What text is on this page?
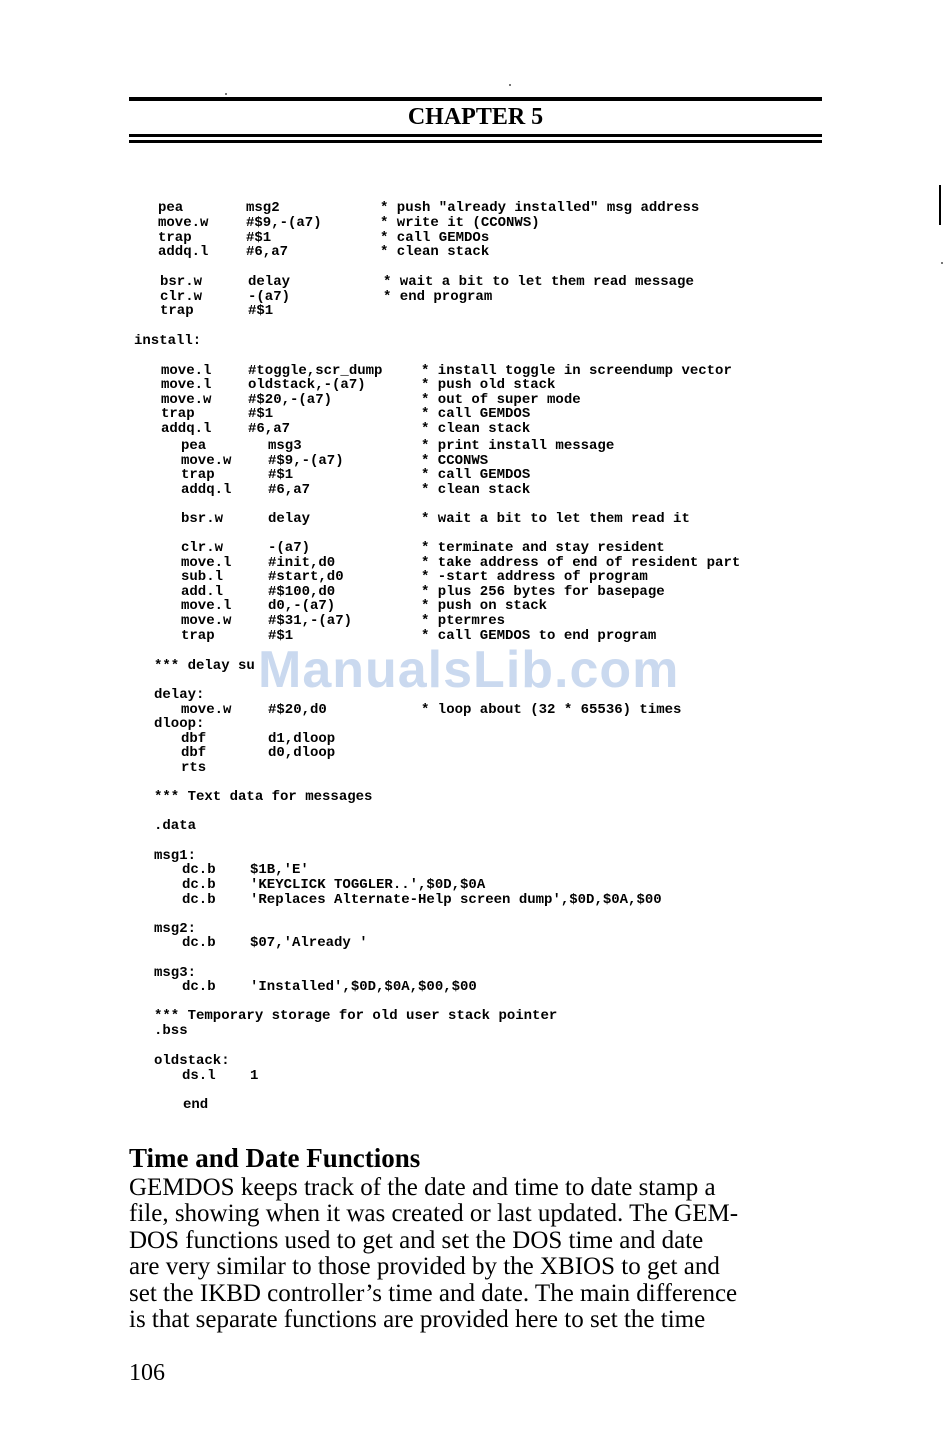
CHAPTER 5
pea	msg2	* push "already installed" msg address
move.w	#$9,-(a7)	* write it (CCONWS)
trap	#$1	* call GEMDOs
addq.l	#6,a7	* clean stack
bsr.w	delay	* wait a bit to let them read message
clr.w	-(a7)	* end program
trap	#$1
install:
move.l	#toggle,scr_dump	* install toggle in screendump vector
move.l	oldstack,-(a7)	* push old stack
move.w	#$20,-(a7)	* out of super mode
trap	#$1	* call GEMDOS
addq.l	#6,a7	* clean stack
pea	msg3	* print install message
move.w	#$9,-(a7)	* CCONWS
trap	#$1	* call GEMDOS
addq.l	#6,a7	* clean stack
bsr.w	delay	* wait a bit to let them read it
clr.w	-(a7)	* terminate and stay resident
move.l	#init,d0	* take address of end of resident part
sub.l	#start,d0	* -start address of program
add.l	#$100,d0	* plus 256 bytes for basepage
move.l	d0,-(a7)	* push on stack
move.w	#$31,-(a7)	* ptermres
trap	#$1	* call GEMDOS to end program
*** delay su
delay:
move.w	#$20,d0	* loop about (32 * 65536) times
dloop:
dbf	d1,dloop
dbf	d0,dloop
rts
*** Text data for messages
.data
msg1:
dc.b $1B,'E'
dc.b 'KEYCLICK TOGGLER..',$0D,$0A
dc.b 'Replaces Alternate-Help screen dump',$0D,$0A,$00
msg2:
dc.b $07,'Already '
msg3:
dc.b 'Installed',$0D,$0A,$00,$00
*** Temporary storage for old user stack pointer
.bss
oldstack:
ds.l 1
end
ManualsLib.com
Time and Date Functions
GEMDOS keeps track of the date and time to date stamp a
file, showing when it was created or last updated. The GEM-
DOS functions used to get and set the DOS time and date
are very similar to those provided by the XBIOS to get and
set the IKBD controller’s time and date. The main difference
is that separate functions are provided here to set the time
106
